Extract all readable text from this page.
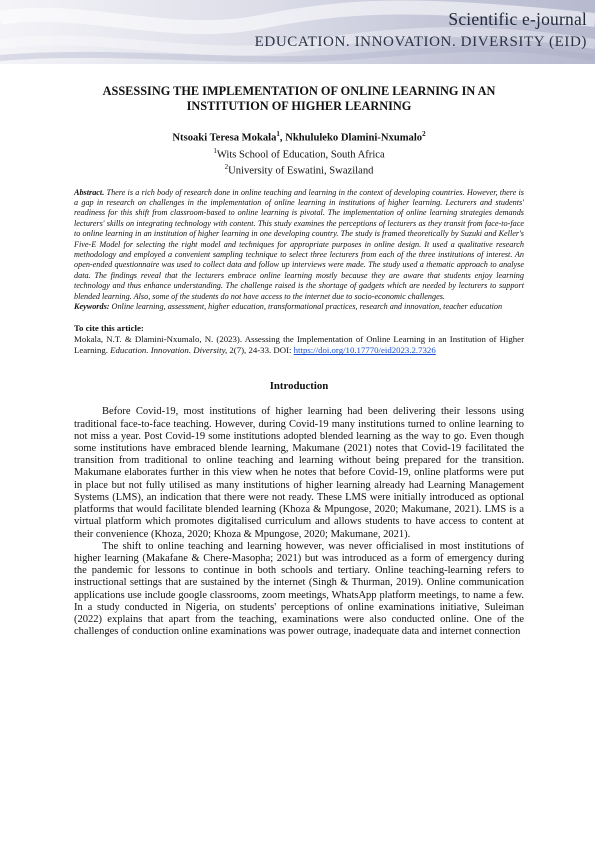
Scientific e-journal
EDUCATION. INNOVATION. DIVERSITY (EID)
ASSESSING THE IMPLEMENTATION OF ONLINE LEARNING IN AN INSTITUTION OF HIGHER LEARNING
Ntsoaki Teresa Mokala$^1$, Nkhululeko Dlamini-Nxumalo$^2$
$^1$Wits School of Education, South Africa
$^2$University of Eswatini, Swaziland
Abstract. There is a rich body of research done in online teaching and learning in the context of developing countries. However, there is a gap in research on challenges in the implementation of online learning in institutions of higher learning. Lecturers and students' readiness for this shift from classroom-based to online learning is pivotal. The implementation of online learning strategies demands lecturers' skills on integrating technology with content. This study examines the perceptions of lecturers as they transit from face-to-face to online learning in an institution of higher learning in one developing country. The study is framed theoretically by Suzuki and Keller's Five-E Model for selecting the right model and techniques for appropriate purposes in online design. It used a qualitative research methodology and employed a convenient sampling technique to select three lecturers from each of the three institutions of interest. An open-ended questionnaire was used to collect data and follow up interviews were made. The study used a thematic approach to analyse data. The findings reveal that the lecturers embrace online learning mostly because they are aware that students enjoy learning technology and thus enhance understanding. The challenge raised is the shortage of gadgets which are needed by lecturers to support blended learning. Also, some of the students do not have access to the internet due to socio-economic challenges.
Keywords: Online learning, assessment, higher education, transformational practices, research and innovation, teacher education
To cite this article:
Mokala, N.T. & Dlamini-Nxumalo, N. (2023). Assessing the Implementation of Online Learning in an Institution of Higher Learning. Education. Innovation. Diversity, 2(7), 24-33. DOI: https://doi.org/10.17770/eid2023.2.7326
Introduction

Before Covid-19, most institutions of higher learning had been delivering their lessons using traditional face-to-face teaching. However, during Covid-19 many institutions turned to online learning to not miss a year. Post Covid-19 some institutions adopted blended learning as the way to go. Even though some institutions have embraced blende learning, Makumane (2021) notes that Covid-19 facilitated the transition from traditional to online teaching and learning without being prepared for the transition. Makumane elaborates further in this view when he notes that before Covid-19, online platforms were put in place but not fully utilised as many institutions of higher learning already had Learning Management Systems (LMS), an indication that there were not ready. These LMS were initially introduced as optional platforms that would facilitate blended learning (Khoza & Mpungose, 2020; Makumane, 2021). LMS is a virtual platform which promotes digitalised curriculum and allows students to have access to content at their convenience (Khoza, 2020; Khoza & Mpungose, 2020; Makumane, 2021).

The shift to online teaching and learning however, was never officialised in most institutions of higher learning (Makafane & Chere-Masopha; 2021) but was introduced as a form of emergency during the pandemic for lessons to continue in both schools and tertiary. Online teaching-learning refers to instructional settings that are sustained by the internet (Singh & Thurman, 2019). Online communication applications use include google classrooms, zoom meetings, WhatsApp platform meetings, to name a few. In a study conducted in Nigeria, on students' perceptions of online examinations initiative, Suleiman (2022) explains that apart from the teaching, examinations were also conducted online. One of the challenges of conduction online examinations was power outrage, inadequate data and internet connection
